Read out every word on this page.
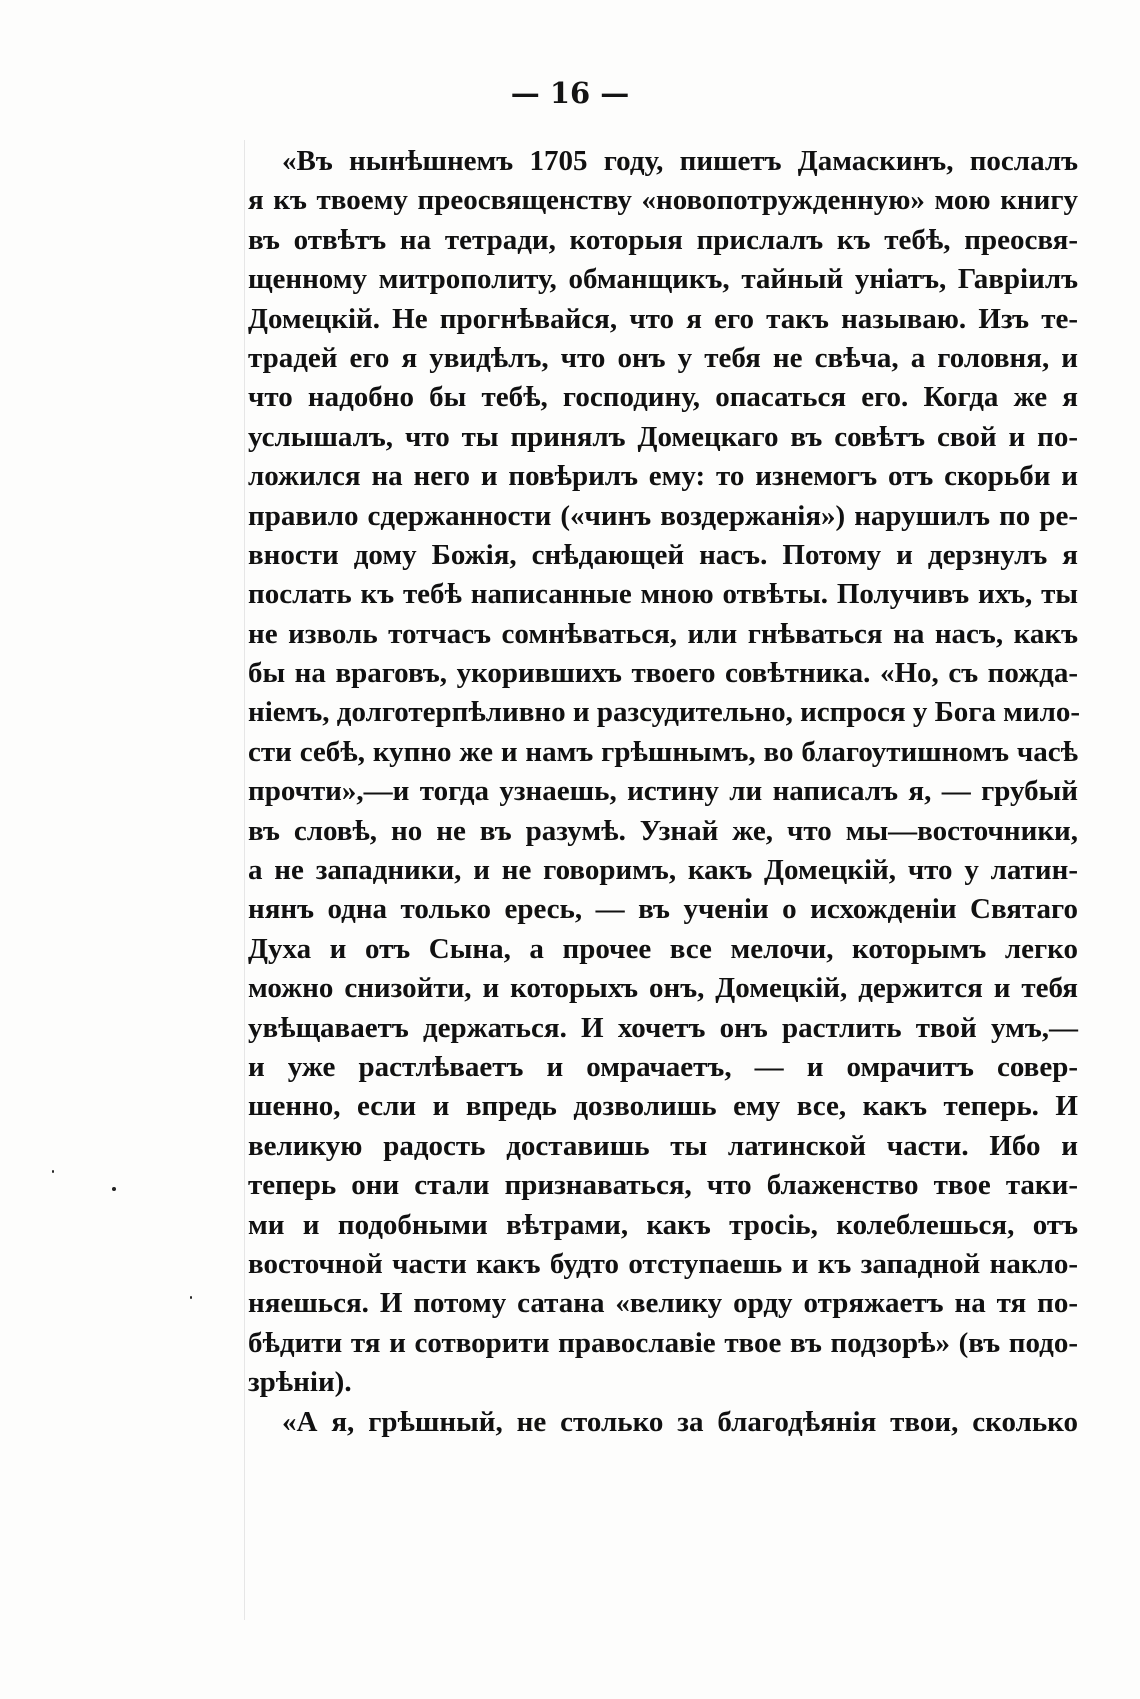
— 16 —
«Въ нынѣшнемъ 1705 году, пишетъ Дамаскинъ, послалъ
я къ твоему преосвященству «новопотружденную» мою книгу
въ отвѣтъ на тетради, которыя прислалъ къ тебѣ, преосвя-
щенному митрополиту, обманщикъ, тайный уніатъ, Гавріилъ
Домецкій. Не прогнѣвайся, что я его такъ называю. Изъ те-
традей его я увидѣлъ, что онъ у тебя не свѣча, а головня, и
что надобно бы тебѣ, господину, опасаться его. Когда же я
услышалъ, что ты принялъ Домецкаго въ совѣтъ свой и по-
ложился на него и повѣрилъ ему: то изнемогъ отъ скорьби и
правило сдержанности («чинъ воздержанія») нарушилъ по ре-
вности дому Божія, снѣдающей насъ. Потому и дерзнулъ я
послать къ тебѣ написанные мною отвѣты. Получивъ ихъ, ты
не изволь тотчасъ сомнѣваться, или гнѣваться на насъ, какъ
бы на враговъ, укорившихъ твоего совѣтника. «Но, съ пожда-
ніемъ, долготерпѣливно и разсудительно, испрося у Бога мило-
сти себѣ, купно же и намъ грѣшнымъ, во благоутишномъ часѣ
прочти»,—и тогда узнаешь, истину ли написалъ я, — грубый
въ словѣ, но не въ разумѣ. Узнай же, что мы—восточники,
а не западники, и не говоримъ, какъ Домецкій, что у латин-
нянъ одна только ересь, — въ ученіи о исхожденіи Святаго
Духа и отъ Сына, а прочее все мелочи, которымъ легко
можно снизойти, и которыхъ онъ, Домецкій, держится и тебя
увѣщаваетъ держаться. И хочетъ онъ растлить твой умъ,—
и уже растлѣваетъ и омрачаетъ, — и омрачитъ совер-
шенно, если и впредь дозволишь ему все, какъ теперь. И
великую радость доставишь ты латинской части. Ибо и
теперь они стали признаваться, что блаженство твое таки-
ми и подобными вѣтрами, какъ тросіь, колеблешься, отъ
восточной части какъ будто отступаешь и къ западной накло-
няешься. И потому сатана «велику орду отряжаетъ на тя по-
бѣдити тя и сотворити православіе твое въ подзорѣ» (въ подо-
зрѣніи).
«А я, грѣшный, не столько за благодѣянія твои, сколько
